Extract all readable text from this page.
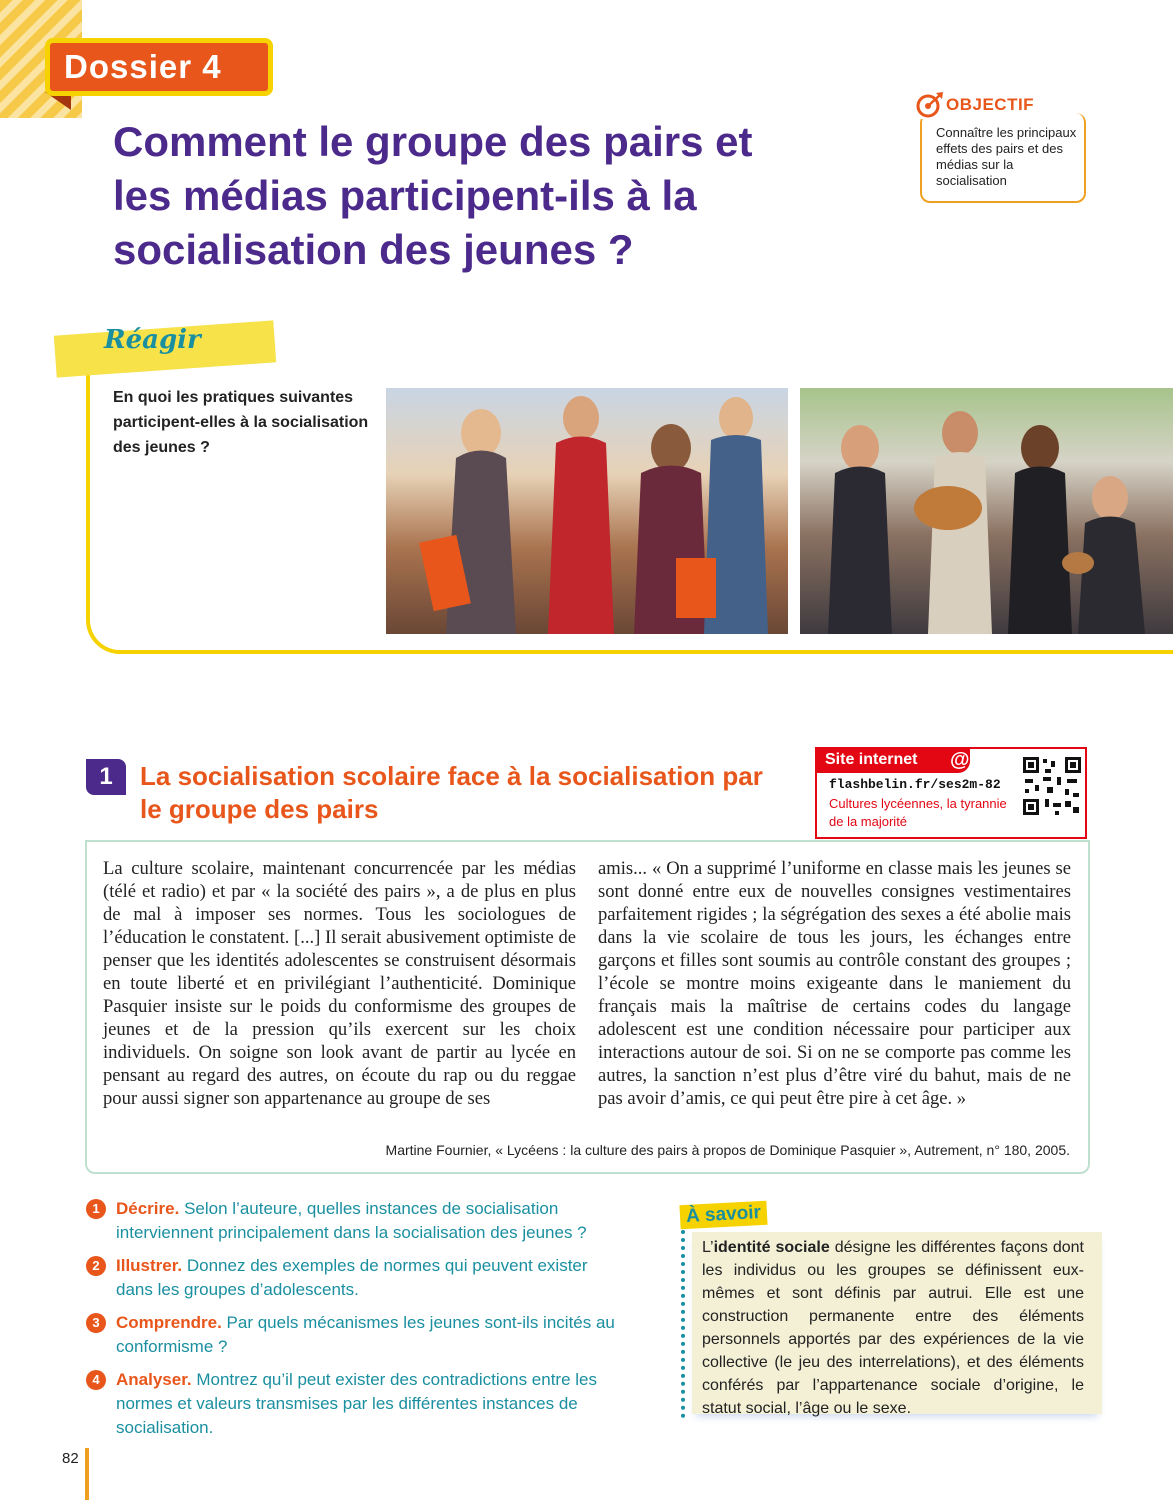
Dossier 4
Comment le groupe des pairs et les médias participent-ils à la socialisation des jeunes ?
OBJECTIF
Connaître les principaux effets des pairs et des médias sur la socialisation
Réagir
En quoi les pratiques suivantes participent-elles à la socialisation des jeunes ?
1	La socialisation scolaire face à la socialisation par le groupe des pairs
Site internet	@
flashbelin.fr/ses2m-82
Cultures lycéennes, la tyrannie de la majorité
La culture scolaire, maintenant concurrencée par les médias (télé et radio) et par « la société des pairs », a de plus en plus de mal à imposer ses normes. Tous les sociologues de l’éducation le constatent. [...] Il serait abusivement optimiste de penser que les identités adolescentes se construisent désormais en toute liberté et en privilégiant l’authenticité. Dominique Pasquier insiste sur le poids du conformisme des groupes de jeunes et de la pression qu’ils exercent sur les choix individuels. On soigne son look avant de partir au lycée en pensant au regard des autres, on écoute du rap ou du reggae pour aussi signer son appartenance au groupe de ses
amis... « On a supprimé l’uniforme en classe mais les jeunes se sont donné entre eux de nouvelles consignes vestimentaires parfaitement rigides ; la ségrégation des sexes a été abolie mais dans la vie scolaire de tous les jours, les échanges entre garçons et filles sont soumis au contrôle constant des groupes ; l’école se montre moins exigeante dans le maniement du français mais la maîtrise de certains codes du langage adolescent est une condition nécessaire pour participer aux interactions autour de soi. Si on ne se comporte pas comme les autres, la sanction n’est plus d’être viré du bahut, mais de ne pas avoir d’amis, ce qui peut être pire à cet âge. »
Martine Fournier, « Lycéens : la culture des pairs à propos de Dominique Pasquier », Autrement, n° 180, 2005.
1 Décrire. Selon l’auteure, quelles instances de socialisation interviennent principalement dans la socialisation des jeunes ?
2 Illustrer. Donnez des exemples de normes qui peuvent exister dans les groupes d’adolescents.
3 Comprendre. Par quels mécanismes les jeunes sont-ils incités au conformisme ?
4 Analyser. Montrez qu’il peut exister des contradictions entre les normes et valeurs transmises par les différentes instances de socialisation.
À savoir
L’identité sociale désigne les différentes façons dont les individus ou les groupes se définissent eux-mêmes et sont définis par autrui. Elle est une construction permanente entre des éléments personnels apportés par des expériences de la vie collective (le jeu des interrelations), et des éléments conférés par l’appartenance sociale d’origine, le statut social, l’âge ou le sexe.
82
